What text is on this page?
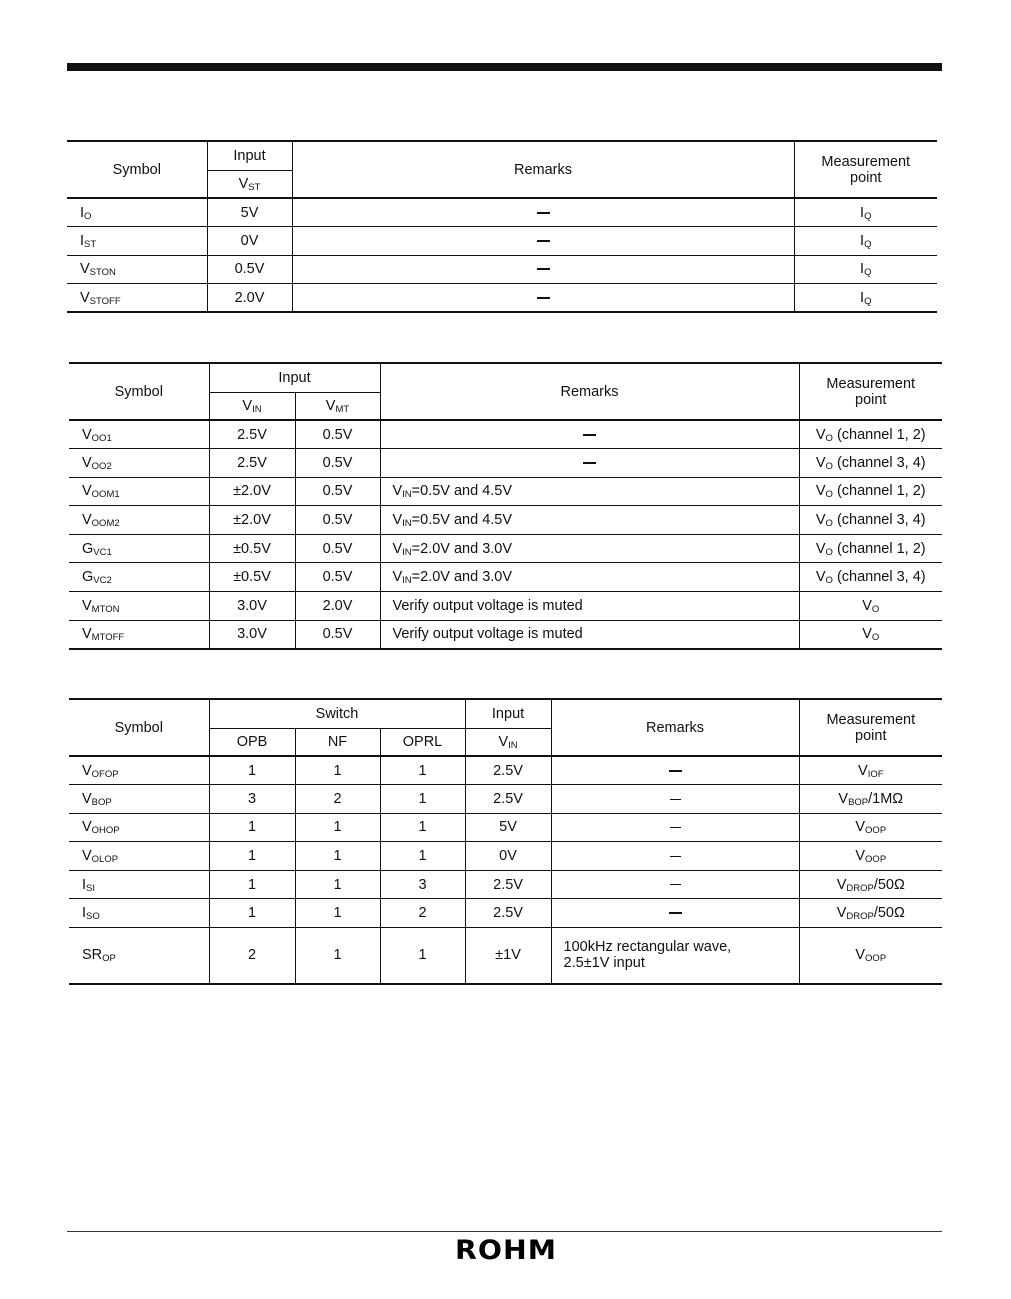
Symbol	Input	Remarks	Measurement
point
	$V_{ST}$
$I_O$	5V		$I_Q$
$I_{ST}$	0V		$I_Q$
$V_{STON}$	0.5V		$I_Q$
$V_{STOFF}$	2.0V		$I_Q$
Symbol	Input		Remarks	Measurement
point
	$V_{IN}$	$V_{MT}$
$V_{OO1}$	2.5V	0.5V		$V_O$ (channel 1, 2)
$V_{OO2}$	2.5V	0.5V		$V_O$ (channel 3, 4)
$V_{OOM1}$	±2.0V	0.5V	$V_{IN}=0.5V$ and 4.5V	$V_O$ (channel 1, 2)
$V_{OOM2}$	±2.0V	0.5V	$V_{IN}=0.5V$ and 4.5V	$V_O$ (channel 3, 4)
$G_{VC1}$	±0.5V	0.5V	$V_{IN}=2.0V$ and 3.0V	$V_O$ (channel 1, 2)
$G_{VC2}$	±0.5V	0.5V	$V_{IN}=2.0V$ and 3.0V	$V_O$ (channel 3, 4)
$V_{MTON}$	3.0V	2.0V	Verify output voltage is muted	$V_O$
$V_{MTOFF}$	3.0V	0.5V	Verify output voltage is muted	$V_O$
Symbol	Switch			Input	Remarks	Measurement
point
	OPB	NF	OPRL	$V_{IN}$
$V_{OFOP}$	1	1	1	2.5V		$V_{IOF}$
$V_{BOP}$	3	2	1	2.5V		$V_{BOP}/1M\Omega$
$V_{OHOP}$	1	1	1	5V		$V_{OOP}$
$V_{OLOP}$	1	1	1	0V		$V_{OOP}$
$I_{SI}$	1	1	3	2.5V		$V_{DROP}/50\Omega$
$I_{SO}$	1	1	2	2.5V		$V_{DROP}/50\Omega$
$SR_{OP}$	2	1	1	±1V	100kHz rectangular wave,
2.5±1V input	$V_{OOP}$
ROHM
